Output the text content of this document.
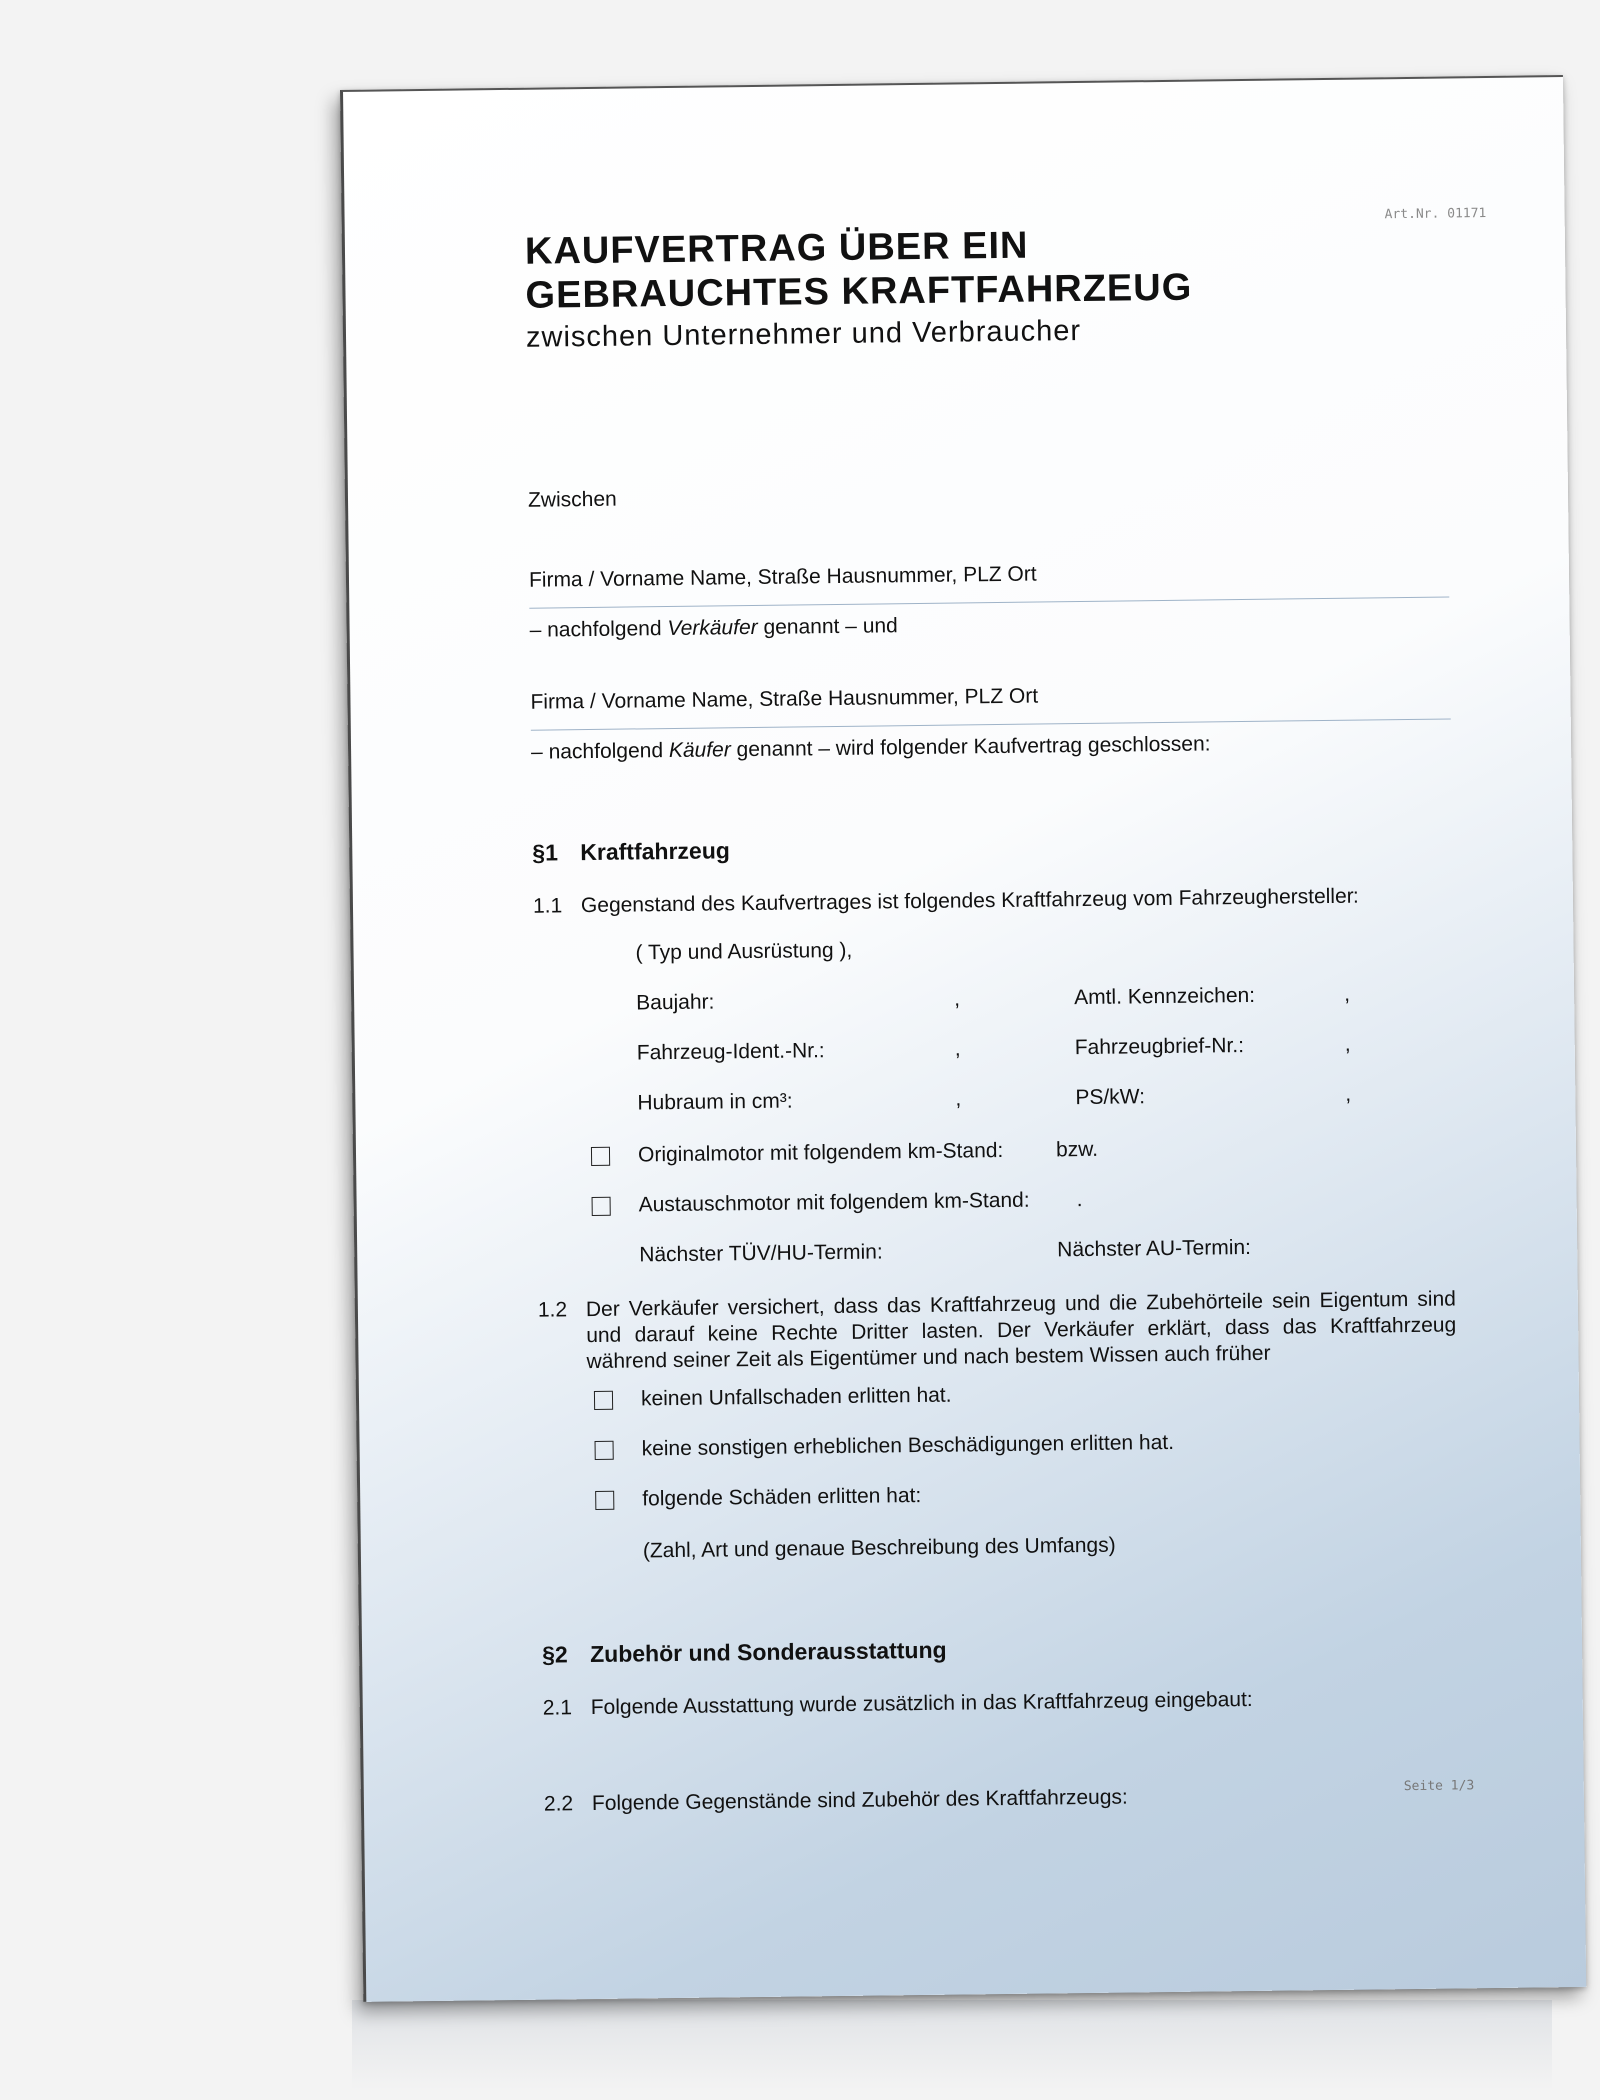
Art.Nr. 01171
KAUFVERTRAG ÜBER EIN
GEBRAUCHTES KRAFTFAHRZEUG
zwischen Unternehmer und Verbraucher
Zwischen
Firma / Vorname Name, Straße Hausnummer, PLZ Ort
– nachfolgend Verkäufer genannt – und
Firma / Vorname Name, Straße Hausnummer, PLZ Ort
– nachfolgend Käufer genannt – wird folgender Kaufvertrag geschlossen:
§1 Kraftfahrzeug
1.1 Gegenstand des Kaufvertrages ist folgendes Kraftfahrzeug vom Fahrzeughersteller
:
( Typ und Ausrüstung ),
Baujahr:	,	Amtl. Kennzeichen:	,
Fahrzeug-Ident.-Nr.:	,	Fahrzeugbrief-Nr.:	,
Hubraum in cm³:	,	PS/kW:	,
Originalmotor mit folgendem km-Stand: bzw.
Austauschmotor mit folgendem km-Stand: .
Nächster TÜV/HU-Termin:	Nächster AU-Termin:
1.2 Der Verkäufer versichert, dass das Kraftfahrzeug und die Zubehörteile sein Eigentum sind und darauf keine Rechte Dritter lasten. Der Verkäufer erklärt, dass das Kraftfahrzeug während seiner Zeit als Eigentümer und nach bestem Wissen auch früher
keinen Unfallschaden erlitten hat.
keine sonstigen erheblichen Beschädigungen erlitten hat.
folgende Schäden erlitten hat:
(Zahl, Art und genaue Beschreibung des Umfangs)
§2 Zubehör und Sonderausstattung
2.1 Folgende Ausstattung wurde zusätzlich in das Kraftfahrzeug eingebaut:
2.2 Folgende Gegenstände sind Zubehör des Kraftfahrzeugs:	Seite 1/3
